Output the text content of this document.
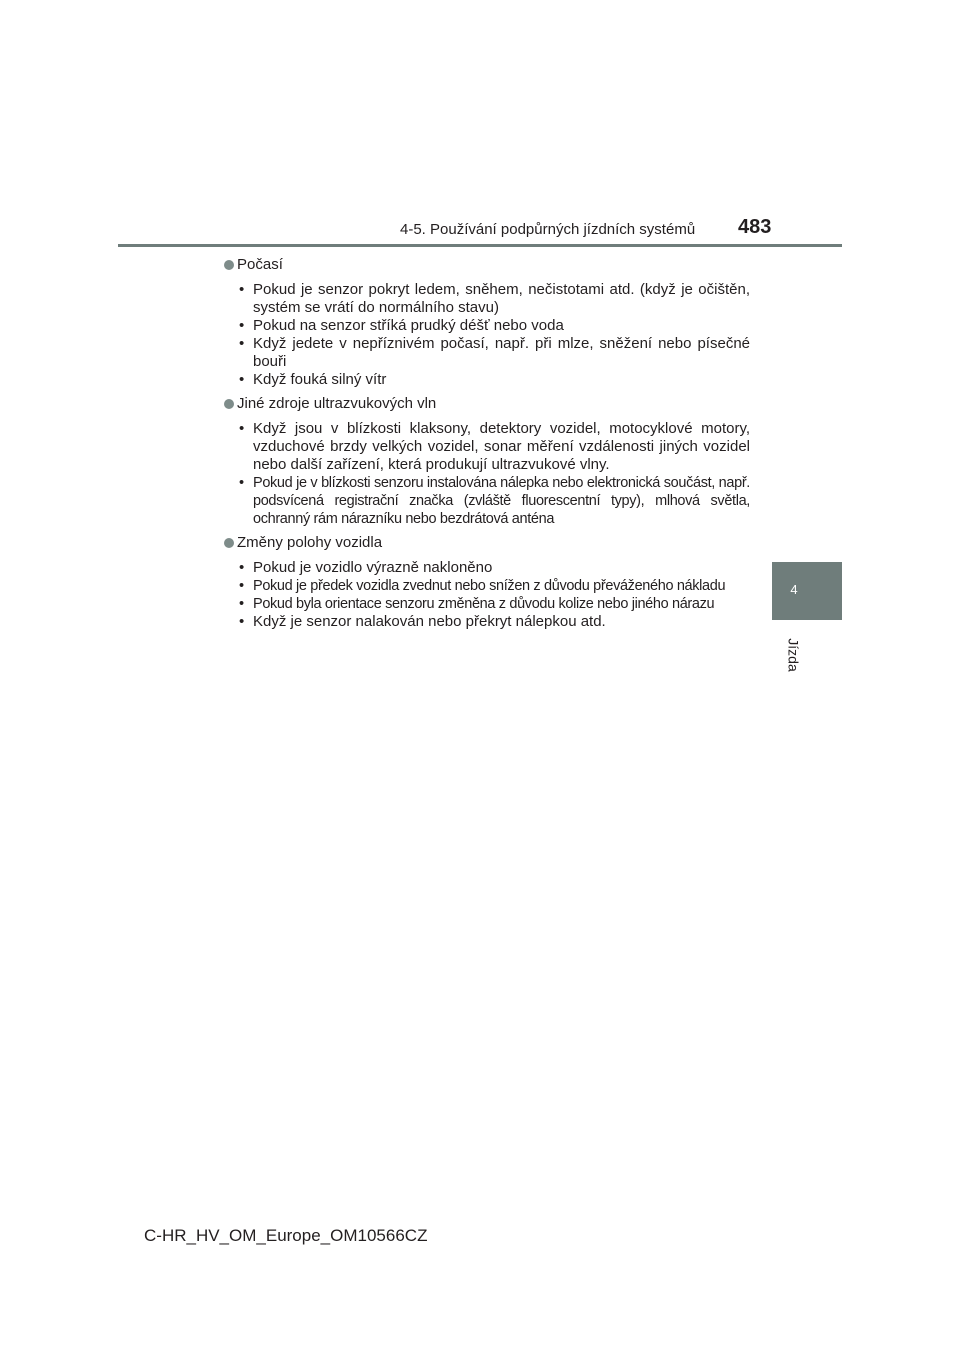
4-5. Používání podpůrných jízdních systémů 483
4
Jízda
Počasí
• Pokud je senzor pokryt ledem, sněhem, nečistotami atd. (když je očištěn, systém se vrátí do normálního stavu)
• Pokud na senzor stříká prudký déšť nebo voda
• Když jedete v nepříznivém počasí, např. při mlze, sněžení nebo písečné bouři
• Když fouká silný vítr
Jiné zdroje ultrazvukových vln
• Když jsou v blízkosti klaksony, detektory vozidel, motocyklové motory, vzduchové brzdy velkých vozidel, sonar měření vzdálenosti jiných vozidel nebo další zařízení, která produkují ultrazvukové vlny.
• Pokud je v blízkosti senzoru instalována nálepka nebo elektronická součást, např. podsvícená registrační značka (zvláště fluorescentní typy), mlhová světla, ochranný rám nárazníku nebo bezdrátová anténa
Změny polohy vozidla
• Pokud je vozidlo výrazně nakloněno
• Pokud je předek vozidla zvednut nebo snížen z důvodu převáženého nákladu
• Pokud byla orientace senzoru změněna z důvodu kolize nebo jiného nárazu
• Když je senzor nalakován nebo překryt nálepkou atd.
C-HR_HV_OM_Europe_OM10566CZ
